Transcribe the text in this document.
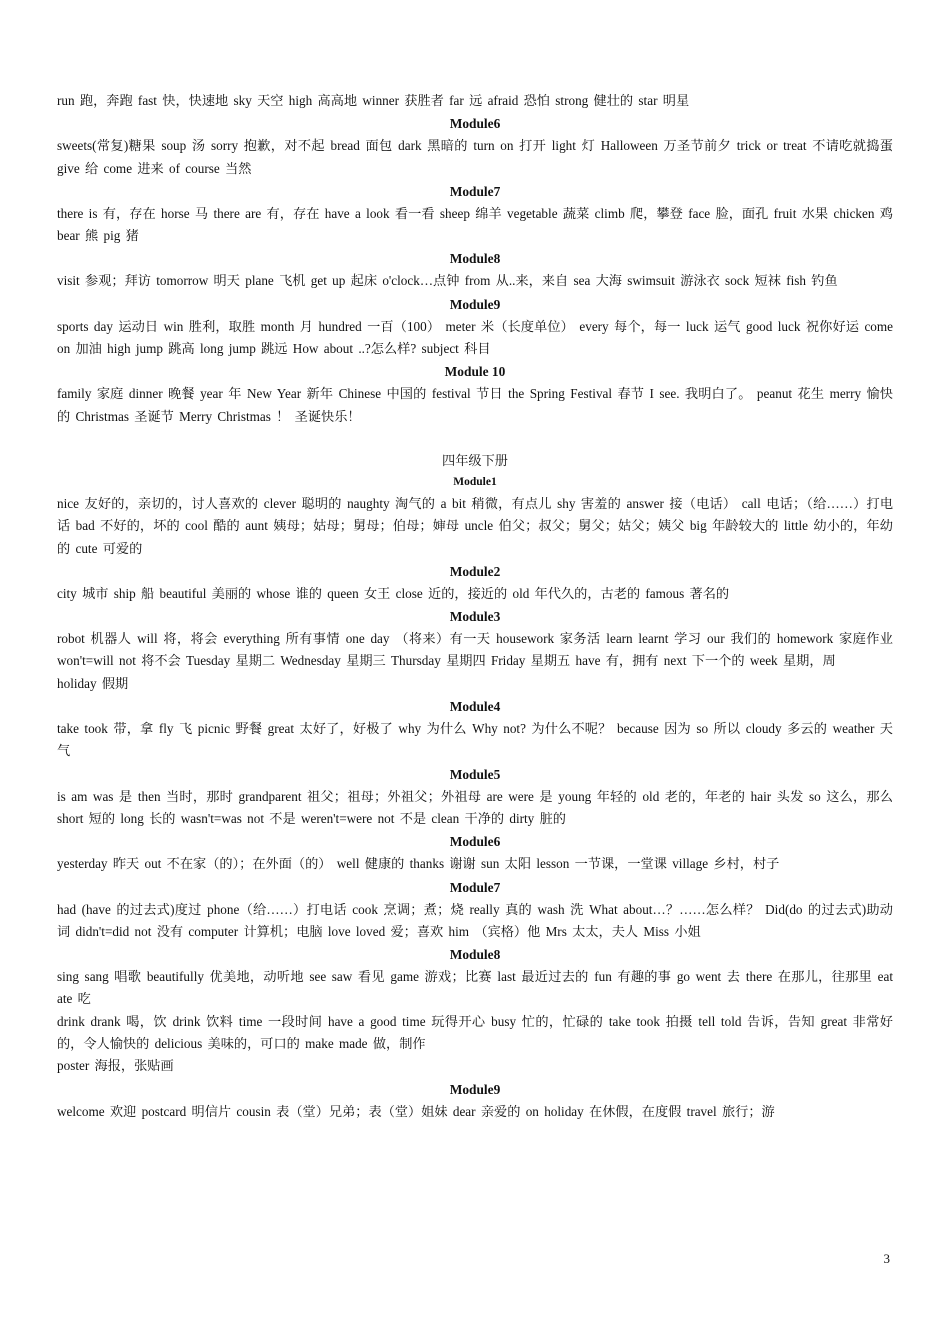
run 跑，奔跑 fast 快，快速地 sky 天空 high 高高地 winner 获胜者 far 远 afraid 恐怕 strong 健壮的 star 明星

Module6

sweets(常复)糖果 soup 汤 sorry 抱歉，对不起 bread 面包 dark 黑暗的 turn on 打开 light 灯 Halloween 万圣节前夕 trick or treat 不请吃就捣蛋 give 给 come 进来 of course 当然

Module7

there is 有，存在 horse 马 there are 有，存在 have a look 看一看 sheep 绵羊 vegetable 蔬菜 climb 爬，攀登 face 脸，面孔 fruit 水果 chicken 鸡 bear 熊 pig 猪

Module8

visit 参观；拜访 tomorrow 明天 plane 飞机 get up 起床 o'clock…点钟 from 从..来，来自 sea 大海 swimsuit 游泳衣 sock 短袜 fish 钓鱼

Module9

sports day 运动日 win 胜利，取胜 month 月 hundred 一百（100） meter 米（长度单位） every 每个，每一 luck 运气 good luck 祝你好运 come on 加油 high jump 跳高 long jump 跳远 How about ..?怎么样? subject 科目

Module 10

family 家庭 dinner 晚餐 year 年 New Year 新年 Chinese 中国的 festival 节日 the Spring Festival 春节 I see. 我明白了。 peanut 花生 merry 愉快的 Christmas 圣诞节 Merry Christmas ！ 圣诞快乐！

四年级下册

Module1

nice 友好的，亲切的，讨人喜欢的 clever 聪明的 naughty 淘气的 a bit 稍微，有点儿 shy 害羞的 answer 接（电话） call 电话；（给……）打电话 bad 不好的，坏的 cool 酷的 aunt 姨母；姑母；舅母；伯母；婶母 uncle 伯父；叔父；舅父；姑父；姨父 big 年龄较大的 little 幼小的，年幼的 cute 可爱的

Module2

city 城市 ship 船 beautiful 美丽的 whose 谁的 queen 女王 close 近的，接近的 old 年代久的，古老的 famous 著名的

Module3

robot 机器人 will 将，将会 everything 所有事情 one day （将来）有一天 housework 家务活 learn learnt 学习 our 我们的 homework 家庭作业 won't=will not 将不会 Tuesday 星期二 Wednesday 星期三 Thursday 星期四 Friday 星期五 have 有，拥有 next 下一个的 week 星期，周

holiday 假期

Module4

take took 带，拿 fly 飞 picnic 野餐 great 太好了，好极了 why 为什么 Why not? 为什么不呢？ because 因为 so 所以 cloudy 多云的 weather 天气

Module5

is am was 是 then 当时，那时 grandparent 祖父；祖母；外祖父；外祖母 are were 是 young 年轻的 old 老的，年老的 hair 头发 so 这么，那么 short 短的 long 长的 wasn't=was not 不是 weren't=were not 不是 clean 干净的 dirty 脏的

Module6

yesterday 昨天 out 不在家（的）；在外面（的） well 健康的 thanks 谢谢 sun 太阳 lesson 一节课，一堂课 village 乡村，村子

Module7

had (have 的过去式)度过 phone（给……）打电话 cook 烹调；煮；烧 really 真的 wash 洗 What about…？……怎么样？ Did(do 的过去式)助动词 didn't=did not 没有 computer 计算机；电脑 love loved 爱；喜欢 him （宾格）他 Mrs 太太，夫人 Miss 小姐

Module8

sing sang 唱歌 beautifully 优美地，动听地 see saw 看见 game 游戏；比赛 last 最近过去的 fun 有趣的事 go went 去 there 在那儿，往那里 eat ate 吃

drink drank 喝，饮 drink 饮料 time 一段时间 have a good time 玩得开心 busy 忙的，忙碌的 take took 拍摄 tell told 告诉，告知 great 非常好的，令人愉快的 delicious 美味的，可口的 make made 做，制作

poster 海报，张贴画

Module9

welcome 欢迎 postcard 明信片 cousin 表（堂）兄弟；表（堂）姐妹 dear 亲爱的 on holiday 在休假，在度假 travel 旅行；游

3
